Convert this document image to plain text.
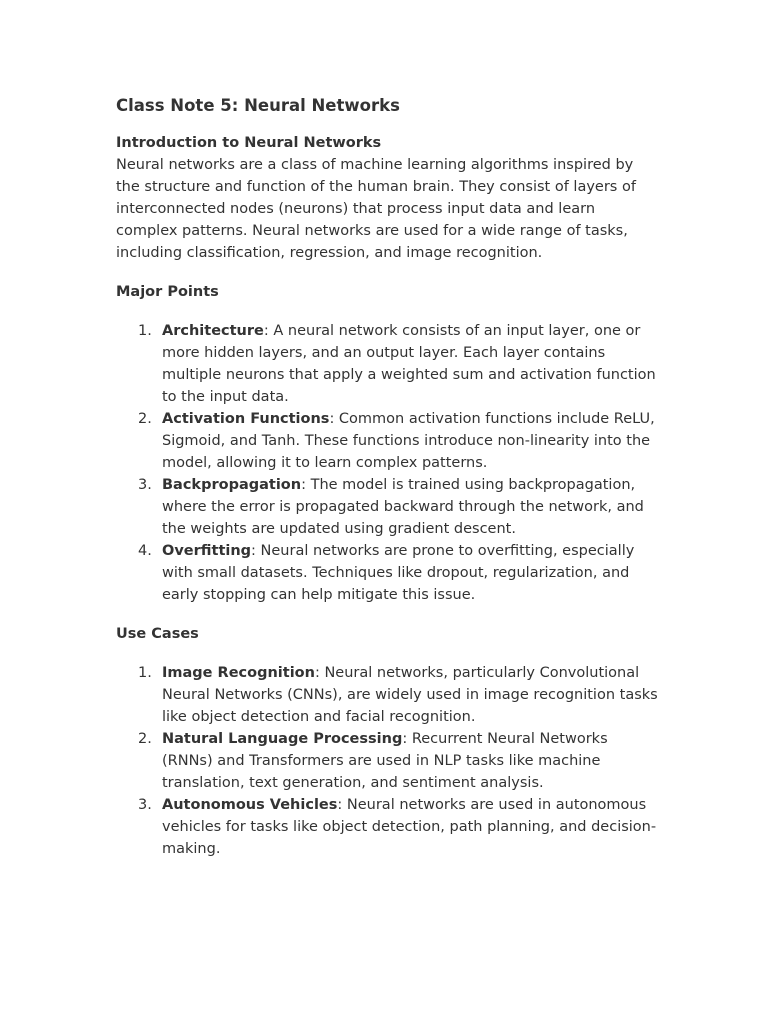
Class Note 5: Neural Networks
Introduction to Neural Networks

Neural networks are a class of machine learning algorithms inspired by the structure and function of the human brain. They consist of layers of interconnected nodes (neurons) that process input data and learn complex patterns. Neural networks are used for a wide range of tasks, including classification, regression, and image recognition.

Major Points
1. Architecture: A neural network consists of an input layer, one or more hidden layers, and an output layer. Each layer contains multiple neurons that apply a weighted sum and activation function to the input data.
2. Activation Functions: Common activation functions include ReLU, Sigmoid, and Tanh. These functions introduce non-linearity into the model, allowing it to learn complex patterns.
3. Backpropagation: The model is trained using backpropagation, where the error is propagated backward through the network, and the weights are updated using gradient descent.
4. Overfitting: Neural networks are prone to overfitting, especially with small datasets. Techniques like dropout, regularization, and early stopping can help mitigate this issue.
Use Cases
1. Image Recognition: Neural networks, particularly Convolutional Neural Networks (CNNs), are widely used in image recognition tasks like object detection and facial recognition.
2. Natural Language Processing: Recurrent Neural Networks (RNNs) and Transformers are used in NLP tasks like machine translation, text generation, and sentiment analysis.
3. Autonomous Vehicles: Neural networks are used in autonomous vehicles for tasks like object detection, path planning, and decision-making.
